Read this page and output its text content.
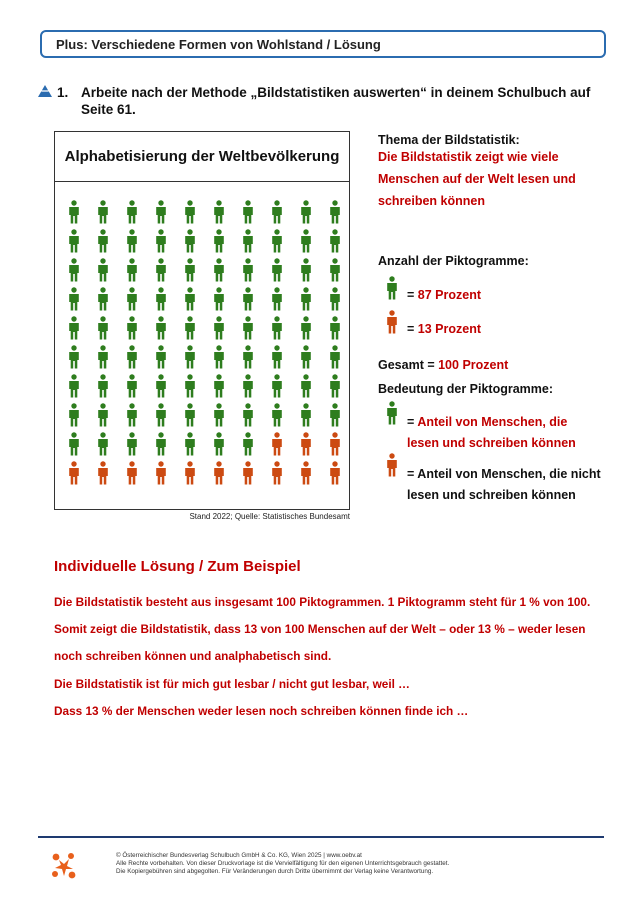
Plus: Verschiedene Formen von Wohlstand / Lösung
1. Arbeite nach der Methode „Bildstatistiken auswerten“ in deinem Schulbuch auf Seite 61.
Alphabetisierung der Weltbevölkerung
Stand 2022; Quelle: Statistisches Bundesamt
Thema der Bildstatistik:
Die Bildstatistik zeigt wie viele
Menschen auf der Welt lesen und
schreiben können
Anzahl der Piktogramme:
= 87 Prozent
= 13 Prozent
Gesamt = 100 Prozent
Bedeutung der Piktogramme:
= Anteil von Menschen, die
lesen und schreiben können
= Anteil von Menschen, die nicht
lesen und schreiben können
Individuelle Lösung / Zum Beispiel
Die Bildstatistik besteht aus insgesamt 100 Piktogrammen. 1 Piktogramm steht für 1 % von 100.
Somit zeigt die Bildstatistik, dass 13 von 100 Menschen auf der Welt – oder 13 % – weder lesen
noch schreiben können und analphabetisch sind.
Die Bildstatistik ist für mich gut lesbar / nicht gut lesbar, weil …
Dass 13 % der Menschen weder lesen noch schreiben können finde ich …
© Österreichischer Bundesverlag Schulbuch GmbH & Co. KG, Wien 2025 | www.oebv.at
Alle Rechte vorbehalten. Von dieser Druckvorlage ist die Vervielfältigung für den eigenen Unterrichtsgebrauch gestattet.
Die Kopiergebühren sind abgegolten. Für Veränderungen durch Dritte übernimmt der Verlag keine Verantwortung.
